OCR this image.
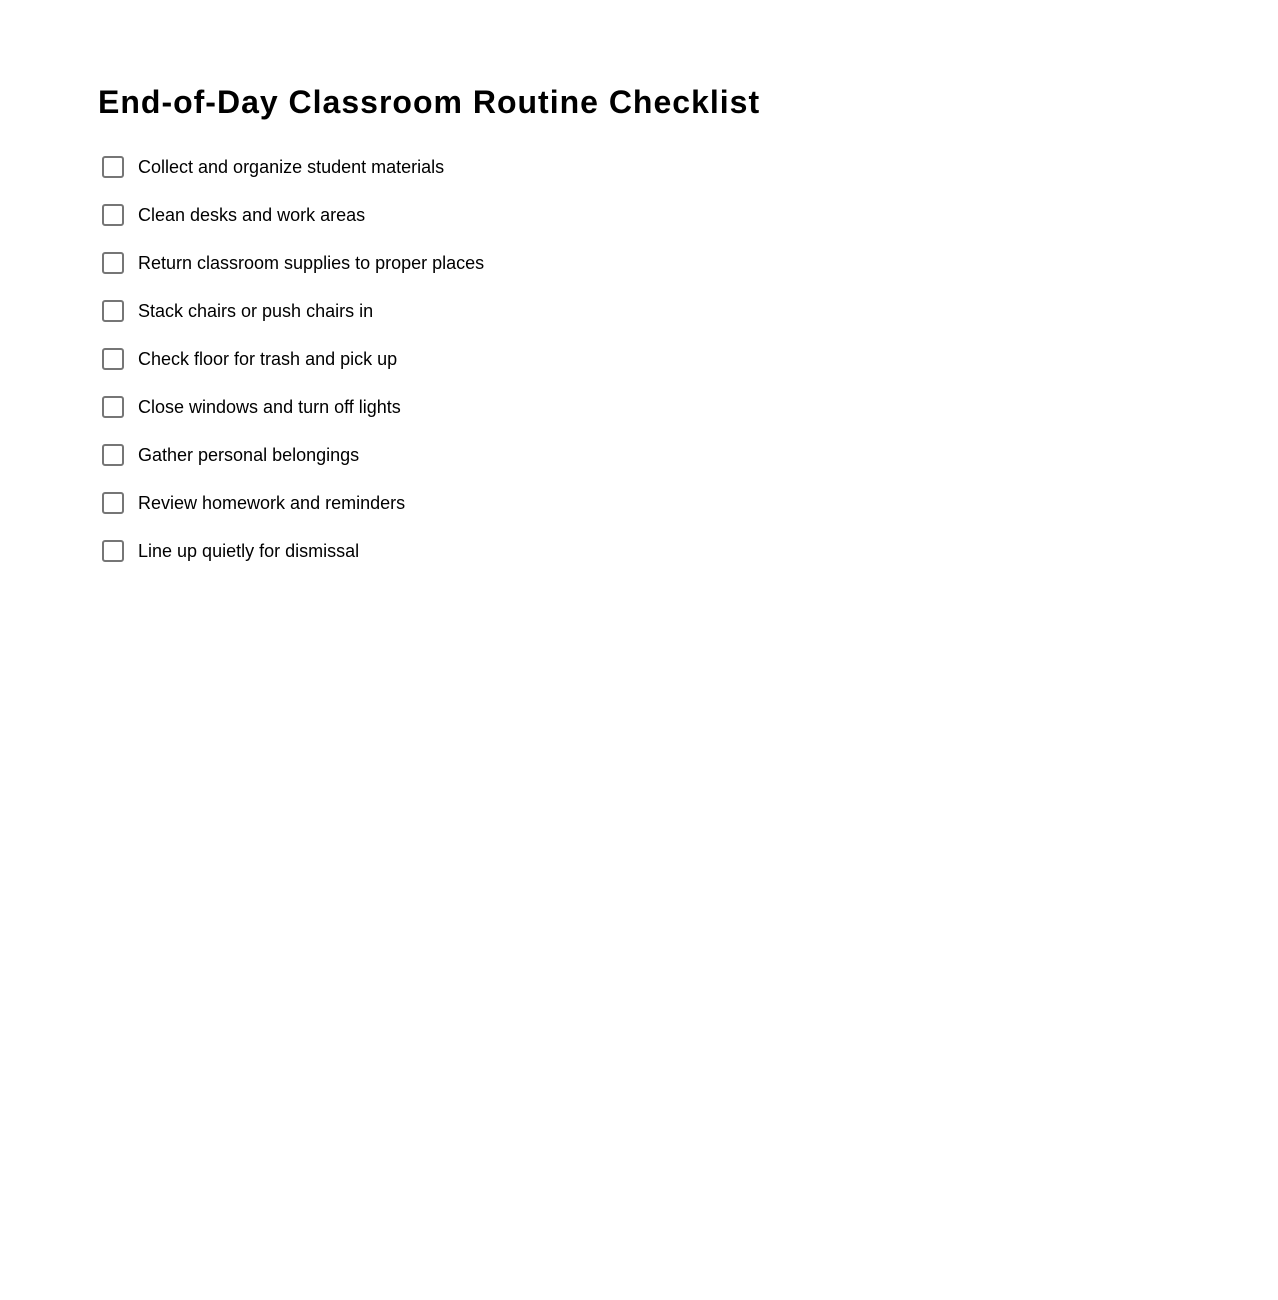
End-of-Day Classroom Routine Checklist
Collect and organize student materials
Clean desks and work areas
Return classroom supplies to proper places
Stack chairs or push chairs in
Check floor for trash and pick up
Close windows and turn off lights
Gather personal belongings
Review homework and reminders
Line up quietly for dismissal
